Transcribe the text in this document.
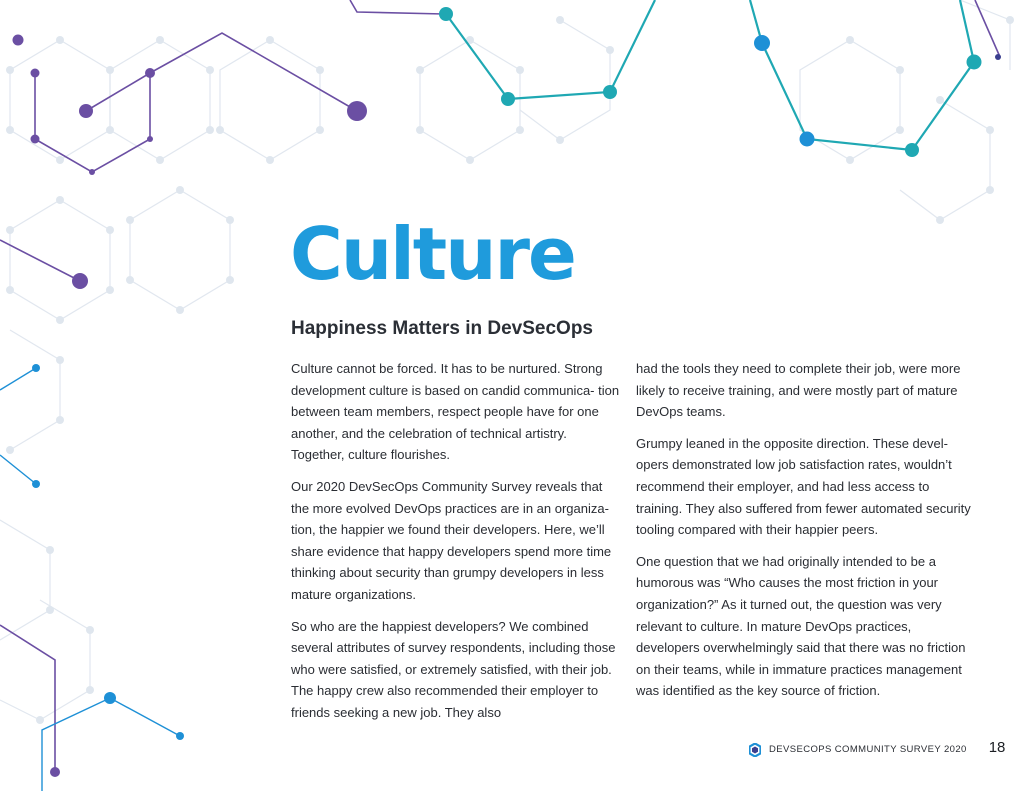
Culture
Happiness Matters in DevSecOps

Culture cannot be forced. It has to be nurtured. Strong development culture is based on candid communica- tion between team members, respect people have for one another, and the celebration of technical artistry. Together, culture flourishes.

Our 2020 DevSecOps Community Survey reveals that the more evolved DevOps practices are in an organiza- tion, the happier we found their developers. Here, we’ll share evidence that happy developers spend more time thinking about security than grumpy developers in less mature organizations.

So who are the happiest developers? We combined several attributes of survey respondents, including those who were satisfied, or extremely satisfied, with their job. The happy crew also recommended their employer to friends seeking a new job. They also

had the tools they need to complete their job, were more likely to receive training, and were mostly part of mature DevOps teams.

Grumpy leaned in the opposite direction. These devel- opers demonstrated low job satisfaction rates, wouldn’t recommend their employer, and had less access to training. They also suffered from fewer automated security tooling compared with their happier peers.

One question that we had originally intended to be a humorous was “Who causes the most friction in your organization?” As it turned out, the question was very relevant to culture. In mature DevOps practices, developers overwhelmingly said that there was no friction on their teams, while in immature practices management was identified as the key source of friction.

DEVSECOPS COMMUNITY SURVEY 2020 18
